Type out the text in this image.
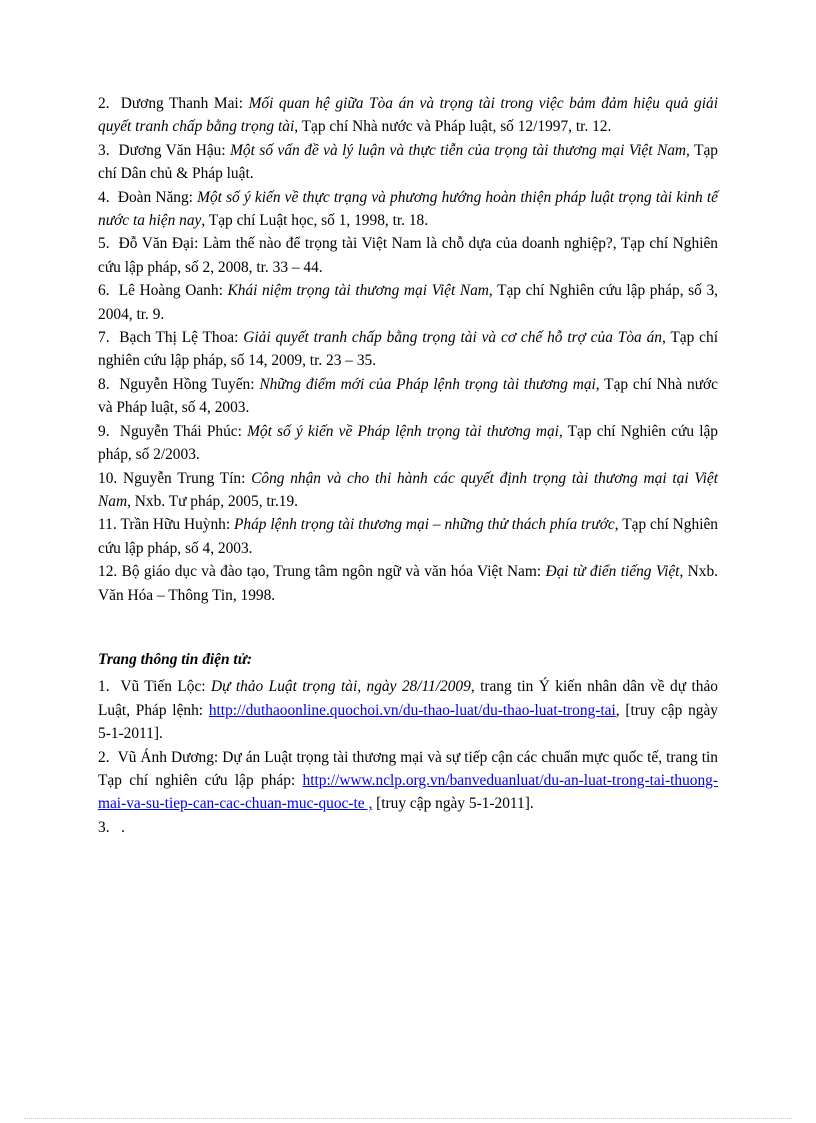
2. Dương Thanh Mai: Mối quan hệ giữa Tòa án và trọng tài trong việc bảm đảm hiệu quả giải quyết tranh chấp bằng trọng tài, Tạp chí Nhà nước và Pháp luật, số 12/1997, tr. 12.

3. Dương Văn Hậu: Một số vấn đề và lý luận và thực tiễn của trọng tài thương mại Việt Nam, Tạp chí Dân chủ & Pháp luật.

4. Đoàn Năng: Một số ý kiến về thực trạng và phương hướng hoàn thiện pháp luật trọng tài kinh tế nước ta hiện nay, Tạp chí Luật học, số 1, 1998, tr. 18.

5. Đỗ Văn Đại: Làm thế nào để trọng tài Việt Nam là chỗ dựa của doanh nghiệp?, Tạp chí Nghiên cứu lập pháp, số 2, 2008, tr. 33 – 44.

6. Lê Hoàng Oanh: Khái niệm trọng tài thương mại Việt Nam, Tạp chí Nghiên cứu lập pháp, số 3, 2004, tr. 9.

7. Bạch Thị Lệ Thoa: Giải quyết tranh chấp bằng trọng tài và cơ chế hỗ trợ của Tòa án, Tạp chí nghiên cứu lập pháp, số 14, 2009, tr. 23 – 35.

8. Nguyễn Hồng Tuyến: Những điểm mới của Pháp lệnh trọng tài thương mại, Tạp chí Nhà nước và Pháp luật, số 4, 2003.

9. Nguyễn Thái Phúc: Một số ý kiến về Pháp lệnh trọng tài thương mại, Tạp chí Nghiên cứu lập pháp, số 2/2003.

10. Nguyễn Trung Tín: Công nhận và cho thi hành các quyết định trọng tài thương mại tại Việt Nam, Nxb. Tư pháp, 2005, tr.19.

11. Trần Hữu Huỳnh: Pháp lệnh trọng tài thương mại – những thử thách phía trước, Tạp chí Nghiên cứu lập pháp, số 4, 2003.

12. Bộ giáo dục và đào tạo, Trung tâm ngôn ngữ và văn hóa Việt Nam: Đại từ điển tiếng Việt, Nxb. Văn Hóa – Thông Tin, 1998.

Trang thông tin điện tử:

1. Vũ Tiến Lộc: Dự thảo Luật trọng tài, ngày 28/11/2009, trang tin Ý kiến nhân dân về dự thảo Luật, Pháp lệnh: http://duthaoonline.quochoi.vn/du-thao-luat/du-thao-luat-trong-tai, [truy cập ngày 5-1-2011].

2. Vũ Ánh Dương: Dự án Luật trọng tài thương mại và sự tiếp cận các chuẩn mực quốc tế, trang tin Tạp chí nghiên cứu lập pháp: http://www.nclp.org.vn/banveduanluat/du-an-luat-trong-tai-thuong-mai-va-su-tiep-can-cac-chuan-muc-quoc-te , [truy cập ngày 5-1-2011].

3. .
